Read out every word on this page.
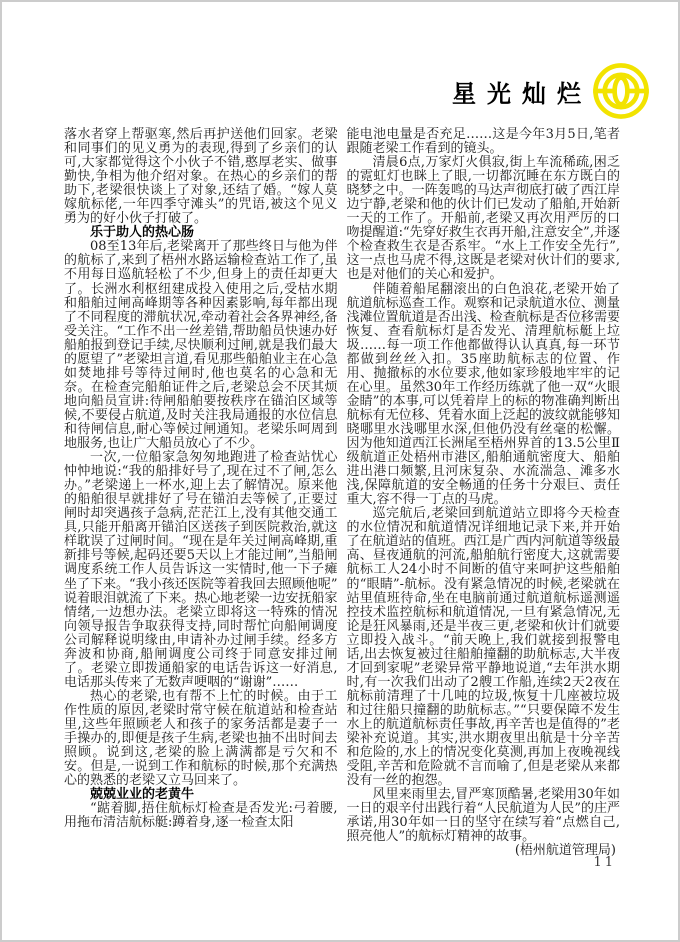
星光灿烂

落水者穿上帮驱寒,然后再护送他们回家。老梁和同事们的见义勇为的表现,得到了乡亲们的认可,大家都觉得这个小伙子不错,憨厚老实、做事勤快,争相为他介绍对象。在热心的乡亲们的帮助下,老梁很快谈上了对象,还结了婚。“嫁人莫嫁航标佬,一年四季守滩头”的咒语,被这个见义勇为的好小伙子打破了。

乐于助人的热心肠

08至13年后,老梁离开了那些终日与他为伴的航标了,来到了梧州水路运输检查站工作了,虽不用每日巡航轻松了不少,但身上的责任却更大了。长洲水利枢纽建成投入使用之后,受枯水期和船舶过闸高峰期等各种因素影响,每年都出现了不同程度的滞航状况,牵动着社会各界神经,备受关注。“工作不出一丝差错,帮助船员快速办好船舶报到登记手续,尽快顺利过闸,就是我们最大的愿望了”老梁坦言道,看见那些船舶业主在心急如焚地排号等待过闸时,他也莫名的心急和无奈。在检查完船舶证件之后,老梁总会不厌其烦地向船员宣讲:待闸船舶要按秩序在锚泊区域等候,不要侵占航道,及时关注我局通报的水位信息和待闸信息,耐心等候过闸通知。老梁乐呵周到地服务,也让广大船员放心了不少。

一次,一位船家急匆匆地跑进了检查站忧心忡忡地说:“我的船排好号了,现在过不了闸,怎么办。”老梁递上一杯水,迎上去了解情况。原来他的船舶很早就排好了号在锚泊去等候了,正要过闸时却突遇孩子急病,茫茫江上,没有其他交通工具,只能开船离开锚泊区送孩子到医院救治,就这样耽误了过闸时间。“现在是年关过闸高峰期,重新排号等候,起码还要5天以上才能过闸”,当船闸调度系统工作人员告诉这一实情时,他一下子瘫坐了下来。“我小孩还医院等着我回去照顾他呢”说着眼泪就流了下来。热心地老梁一边安抚船家情绪,一边想办法。老梁立即将这一特殊的情况向领导报告争取获得支持,同时帮忙向船闸调度公司解释说明缘由,申请补办过闸手续。经多方奔波和协商,船闸调度公司终于同意安排过闸了。老梁立即拨通船家的电话告诉这一好消息,电话那头传来了无数声哽咽的“谢谢”……

热心的老梁,也有帮不上忙的时候。由于工作性质的原因,老梁时常守候在航道站和检查站里,这些年照顾老人和孩子的家务活都是妻子一手操办的,即便是孩子生病,老梁也抽不出时间去照顾。说到这,老梁的脸上满满都是亏欠和不安。但是,一说到工作和航标的时候,那个充满热心的熟悉的老梁又立马回来了。

兢兢业业的老黄牛

“踮着脚,捂住航标灯检查是否发光:弓着腰,用拖布清洁航标艇:蹲着身,逐一检查太阳

能电池电量是否充足……这是今年3月5日,笔者跟随老梁工作看到的镜头。

清晨6点,万家灯火俱寂,街上车流稀疏,困乏的霓虹灯也眯上了眼,一切都沉睡在东方既白的晓梦之中。一阵轰鸣的马达声彻底打破了西江岸边宁静,老梁和他的伙计们已发动了船舶,开始新一天的工作了。开船前,老梁又再次用严厉的口吻提醒道:“先穿好救生衣再开船,注意安全”,并逐个检查救生衣是否系牢。“水上工作安全先行”,这一点也马虎不得,这既是老梁对伙计们的要求,也是对他们的关心和爱护。

伴随着船尾翻滚出的白色浪花,老梁开始了航道航标巡查工作。观察和记录航道水位、测量浅滩位置航道是否出浅、检查航标是否位移需要恢复、查看航标灯是否发光、清理航标艇上垃圾……每一项工作他都做得认认真真,每一环节都做到丝丝入扣。35座助航标志的位置、作用、抛撤标的水位要求,他如家珍般地牢牢的记在心里。虽然30年工作经历练就了他一双“火眼金睛”的本事,可以凭着岸上的标的物准确判断出航标有无位移、凭着水面上泛起的波纹就能够知晓哪里水浅哪里水深,但他仍没有丝毫的松懈。因为他知道西江长洲尾至梧州界首的13.5公里Ⅱ级航道正处梧州市港区,船舶通航密度大、船舶进出港口频繁,且河床复杂、水流湍急、滩多水浅,保障航道的安全畅通的任务十分艰巨、责任重大,容不得一丁点的马虎。

巡完航后,老梁回到航道站立即将今天检查的水位情况和航道情况详细地记录下来,并开始了在航道站的值班。西江是广西内河航道等级最高、昼夜通航的河流,船舶航行密度大,这就需要航标工人24小时不间断的值守来呵护这些船舶的“眼睛”-航标。没有紧急情况的时候,老梁就在站里值班待命,坐在电脑前通过航道航标遥测遥控技术监控航标和航道情况,一旦有紧急情况,无论是狂风暴雨,还是半夜三更,老梁和伙计们就要立即投入战斗。“前天晚上,我们就接到报警电话,出去恢复被过往船舶撞翻的助航标志,大半夜才回到家呢”老梁异常平静地说道,“去年洪水期时,有一次我们出动了2艘工作船,连续2天2夜在航标前清理了十几吨的垃圾,恢复十几座被垃圾和过往船只撞翻的助航标志。”“只要保障不发生水上的航道航标责任事故,再辛苦也是值得的”老梁补充说道。其实,洪水期夜里出航是十分辛苦和危险的,水上的情况变化莫测,再加上夜晚视线受阻,辛苦和危险就不言而喻了,但是老梁从来都没有一丝的抱怨。

风里来雨里去,冒严寒顶酷暑,老梁用30年如一日的艰辛付出践行着“人民航道为人民”的庄严承诺,用30年如一日的坚守在续写着“点燃自己,照亮他人”的航标灯精神的故事。

(梧州航道管理局)

11
